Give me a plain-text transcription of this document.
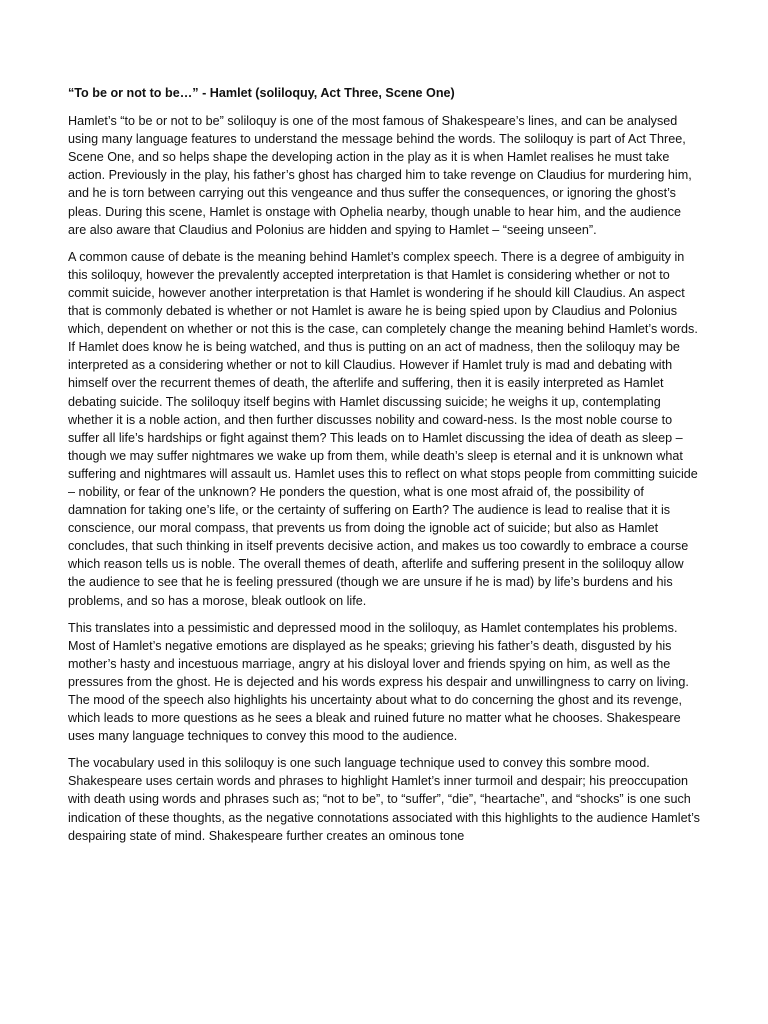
“To be or not to be…” - Hamlet (soliloquy, Act Three, Scene One)

Hamlet’s “to be or not to be” soliloquy is one of the most famous of Shakespeare’s lines, and can be analysed using many language features to understand the message behind the words. The soliloquy is part of Act Three, Scene One, and so helps shape the developing action in the play as it is when Hamlet realises he must take action. Previously in the play, his father’s ghost has charged him to take revenge on Claudius for murdering him, and he is torn between carrying out this vengeance and thus suffer the consequences, or ignoring the ghost’s pleas. During this scene, Hamlet is onstage with Ophelia nearby, though unable to hear him, and the audience are also aware that Claudius and Polonius are hidden and spying to Hamlet – “seeing unseen”.

A common cause of debate is the meaning behind Hamlet’s complex speech. There is a degree of ambiguity in this soliloquy, however the prevalently accepted interpretation is that Hamlet is considering whether or not to commit suicide, however another interpretation is that Hamlet is wondering if he should kill Claudius. An aspect that is commonly debated is whether or not Hamlet is aware he is being spied upon by Claudius and Polonius which, dependent on whether or not this is the case, can completely change the meaning behind Hamlet’s words. If Hamlet does know he is being watched, and thus is putting on an act of madness, then the soliloquy may be interpreted as a considering whether or not to kill Claudius. However if Hamlet truly is mad and debating with himself over the recurrent themes of death, the afterlife and suffering, then it is easily interpreted as Hamlet debating suicide. The soliloquy itself begins with Hamlet discussing suicide; he weighs it up, contemplating whether it is a noble action, and then further discusses nobility and coward-ness. Is the most noble course to suffer all life’s hardships or fight against them? This leads on to Hamlet discussing the idea of death as sleep – though we may suffer nightmares we wake up from them, while death’s sleep is eternal and it is unknown what suffering and nightmares will assault us. Hamlet uses this to reflect on what stops people from committing suicide – nobility, or fear of the unknown? He ponders the question, what is one most afraid of, the possibility of damnation for taking one’s life, or the certainty of suffering on Earth? The audience is lead to realise that it is conscience, our moral compass, that prevents us from doing the ignoble act of suicide; but also as Hamlet concludes, that such thinking in itself prevents decisive action, and makes us too cowardly to embrace a course which reason tells us is noble. The overall themes of death, afterlife and suffering present in the soliloquy allow the audience to see that he is feeling pressured (though we are unsure if he is mad) by life’s burdens and his problems, and so has a morose, bleak outlook on life.

This translates into a pessimistic and depressed mood in the soliloquy, as Hamlet contemplates his problems. Most of Hamlet’s negative emotions are displayed as he speaks; grieving his father’s death, disgusted by his mother’s hasty and incestuous marriage, angry at his disloyal lover and friends spying on him, as well as the pressures from the ghost. He is dejected and his words express his despair and unwillingness to carry on living. The mood of the speech also highlights his uncertainty about what to do concerning the ghost and its revenge, which leads to more questions as he sees a bleak and ruined future no matter what he chooses. Shakespeare uses many language techniques to convey this mood to the audience.

The vocabulary used in this soliloquy is one such language technique used to convey this sombre mood. Shakespeare uses certain words and phrases to highlight Hamlet’s inner turmoil and despair; his preoccupation with death using words and phrases such as; “not to be”, to “suffer”, “die”, “heartache”, and “shocks” is one such indication of these thoughts, as the negative connotations associated with this highlights to the audience Hamlet’s despairing state of mind. Shakespeare further creates an ominous tone
